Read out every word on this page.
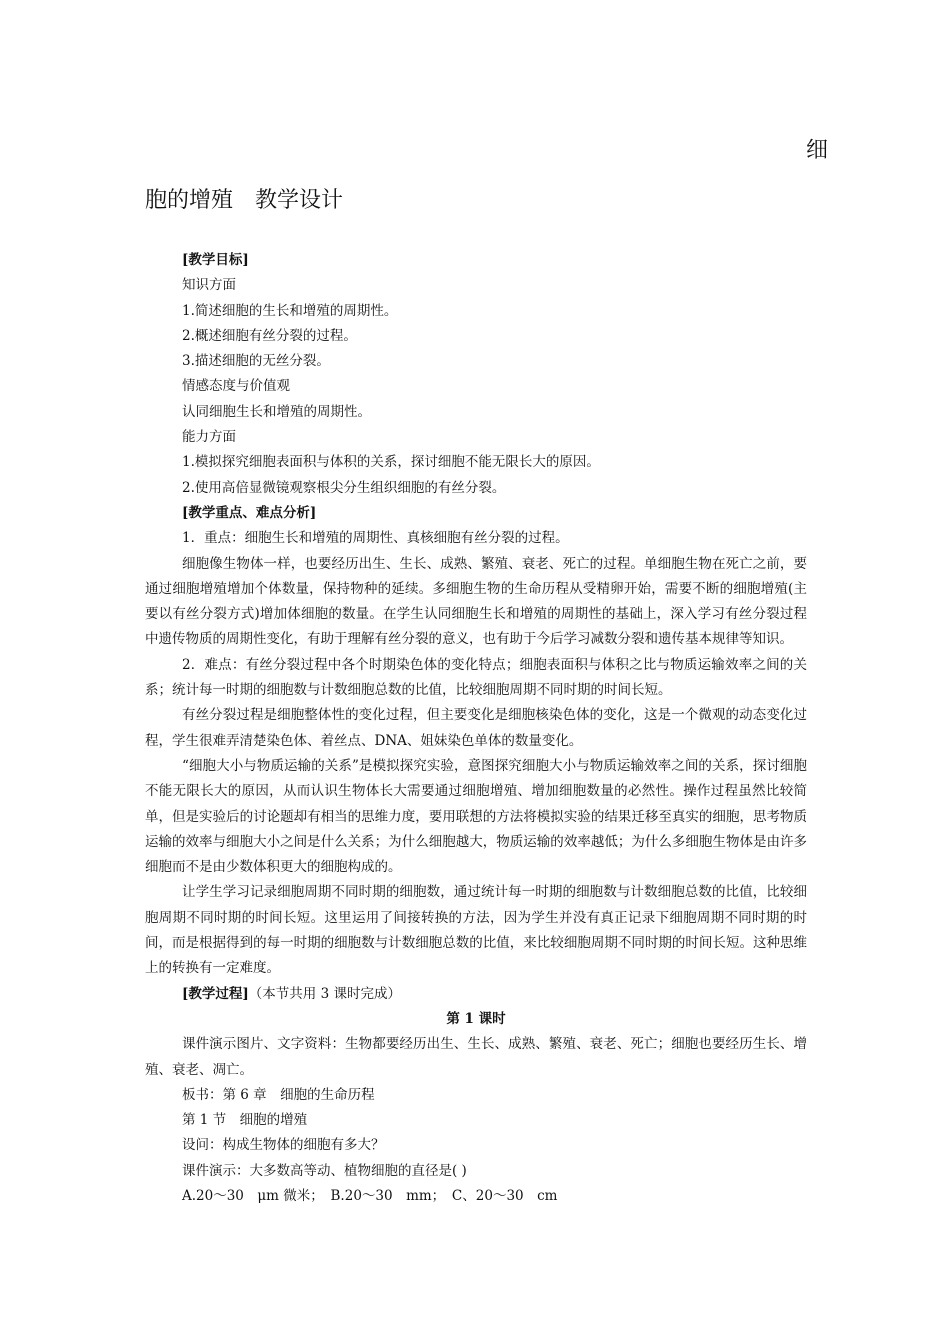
细
胞的增殖　教学设计

[教学目标]

知识方面

1.简述细胞的生长和增殖的周期性。

2.概述细胞有丝分裂的过程。

3.描述细胞的无丝分裂。

情感态度与价值观

认同细胞生长和增殖的周期性。

能力方面

1.模拟探究细胞表面积与体积的关系，探讨细胞不能无限长大的原因。

2.使用高倍显微镜观察根尖分生组织细胞的有丝分裂。

[教学重点、难点分析]

1．重点：细胞生长和增殖的周期性、真核细胞有丝分裂的过程。

细胞像生物体一样，也要经历出生、生长、成熟、繁殖、衰老、死亡的过程。单细胞生物在死亡之前，要通过细胞增殖增加个体数量，保持物种的延续。多细胞生物的生命历程从受精卵开始，需要不断的细胞增殖(主要以有丝分裂方式)增加体细胞的数量。在学生认同细胞生长和增殖的周期性的基础上，深入学习有丝分裂过程中遗传物质的周期性变化，有助于理解有丝分裂的意义，也有助于今后学习减数分裂和遗传基本规律等知识。

2．难点：有丝分裂过程中各个时期染色体的变化特点；细胞表面积与体积之比与物质运输效率之间的关系；统计每一时期的细胞数与计数细胞总数的比值，比较细胞周期不同时期的时间长短。

有丝分裂过程是细胞整体性的变化过程，但主要变化是细胞核染色体的变化，这是一个微观的动态变化过程，学生很难弄清楚染色体、着丝点、DNA、姐妹染色单体的数量变化。

“细胞大小与物质运输的关系”是模拟探究实验，意图探究细胞大小与物质运输效率之间的关系，探讨细胞不能无限长大的原因，从而认识生物体长大需要通过细胞增殖、增加细胞数量的必然性。操作过程虽然比较简单，但是实验后的讨论题却有相当的思维力度，要用联想的方法将模拟实验的结果迁移至真实的细胞，思考物质运输的效率与细胞大小之间是什么关系；为什么细胞越大，物质运输的效率越低；为什么多细胞生物体是由许多细胞而不是由少数体积更大的细胞构成的。

让学生学习记录细胞周期不同时期的细胞数，通过统计每一时期的细胞数与计数细胞总数的比值，比较细胞周期不同时期的时间长短。这里运用了间接转换的方法，因为学生并没有真正记录下细胞周期不同时期的时间，而是根据得到的每一时期的细胞数与计数细胞总数的比值，来比较细胞周期不同时期的时间长短。这种思维上的转换有一定难度。

[教学过程]（本节共用 3 课时完成）

第 1 课时

课件演示图片、文字资料：生物都要经历出生、生长、成熟、繁殖、衰老、死亡；细胞也要经历生长、增殖、衰老、凋亡。

板书：第 6 章　细胞的生命历程

第 1 节　细胞的增殖

设问：构成生物体的细胞有多大？

课件演示：大多数高等动、植物细胞的直径是( )

A.20～30　μm 微米；　B.20～30　mm；　C、20～30　cm
